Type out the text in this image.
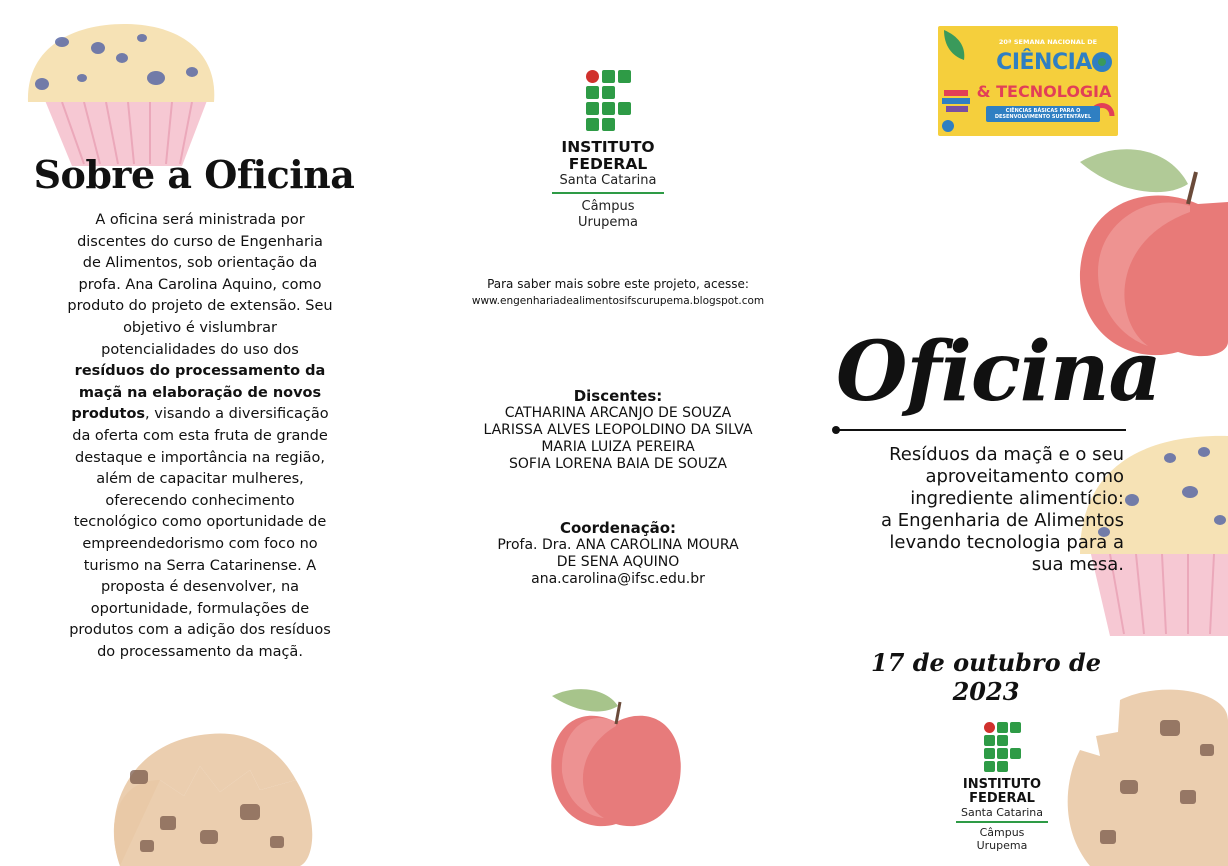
Sobre a Oficina
A oficina será ministrada por discentes do curso de Engenharia de Alimentos, sob orientação da profa. Ana Carolina Aquino, como produto do projeto de extensão. Seu objetivo é vislumbrar potencialidades do uso dos resíduos do processamento da maçã na elaboração de novos produtos, visando a diversificação da oferta com esta fruta de grande destaque e importância na região, além de capacitar mulheres, oferecendo conhecimento tecnológico como oportunidade de empreendedorismo com foco no turismo na Serra Catarinense. A proposta é desenvolver, na oportunidade, formulações de produtos com a adição dos resíduos do processamento da maçã.
INSTITUTO
FEDERAL
Santa Catarina
Câmpus
Urupema
Para saber mais sobre este projeto, acesse:
www.engenhariadealimentosifscurupema.blogspot.com
Discentes:
CATHARINA ARCANJO DE SOUZA
LARISSA ALVES LEOPOLDINO DA SILVA
MARIA LUIZA PEREIRA
SOFIA LORENA BAIA DE SOUZA
Coordenação:
Profa. Dra. ANA CAROLINA MOURA
DE SENA AQUINO
ana.carolina@ifsc.edu.br
20ª SEMANA NACIONAL DE
CIÊNCIA
& TECNOLOGIA
CIÊNCIAS BÁSICAS PARA O DESENVOLVIMENTO SUSTENTÁVEL
Oficina
Resíduos da maçã e o seu
aproveitamento como
ingrediente alimentício:
a Engenharia de Alimentos
levando tecnologia para a
sua mesa.
17 de outubro de 2023
INSTITUTO
FEDERAL
Santa Catarina
Câmpus
Urupema
